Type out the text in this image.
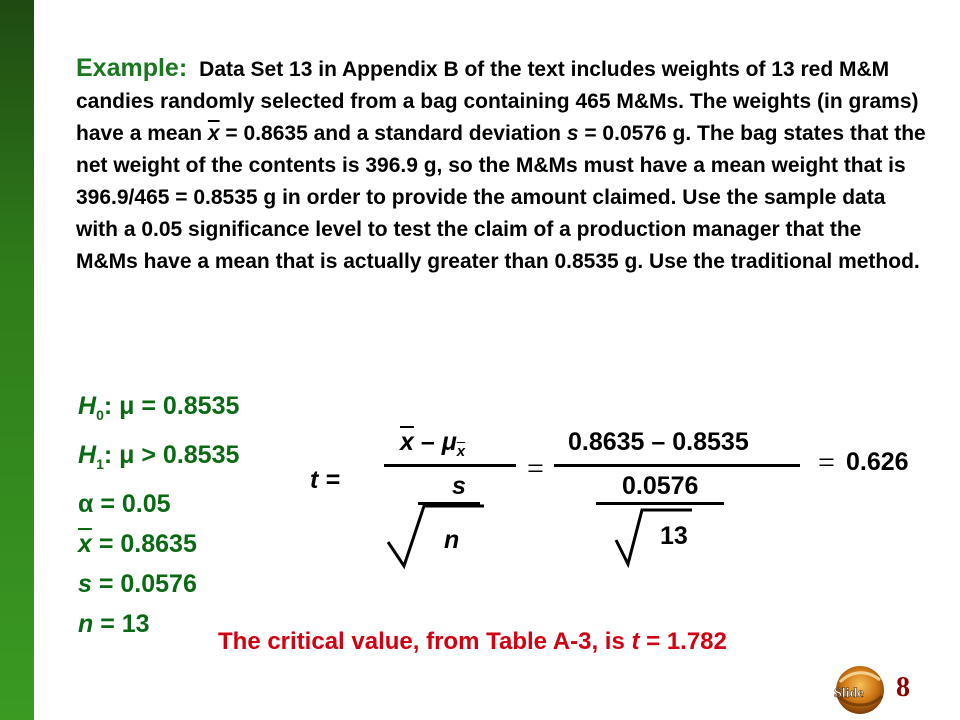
Example: Data Set 13 in Appendix B of the text includes weights of 13 red M&M candies randomly selected from a bag containing 465 M&Ms. The weights (in grams) have a mean $\overline{x} = 0.8635$ and a standard deviation s = 0.0576 g. The bag states that the net weight of the contents is 396.9 g, so the M&Ms must have a mean weight that is 396.9/465 = 0.8535 g in order to provide the amount claimed. Use the sample data with a 0.05 significance level to test the claim of a production manager that the M&Ms have a mean that is actually greater than 0.8535 g. Use the traditional method.
$H_0$: μ = 0.8535
$H_1$: μ > 0.8535
α = 0.05
$\overline{x} = 0.8635$
s = 0.0576
n = 13
t =
$\overline{x} - \mu_{\overline{x}}$
s
n
=
0.8635 – 0.8535
0.0576
13
= 0.626
The critical value, from Table A-3, is t = 1.782
Slide 8
